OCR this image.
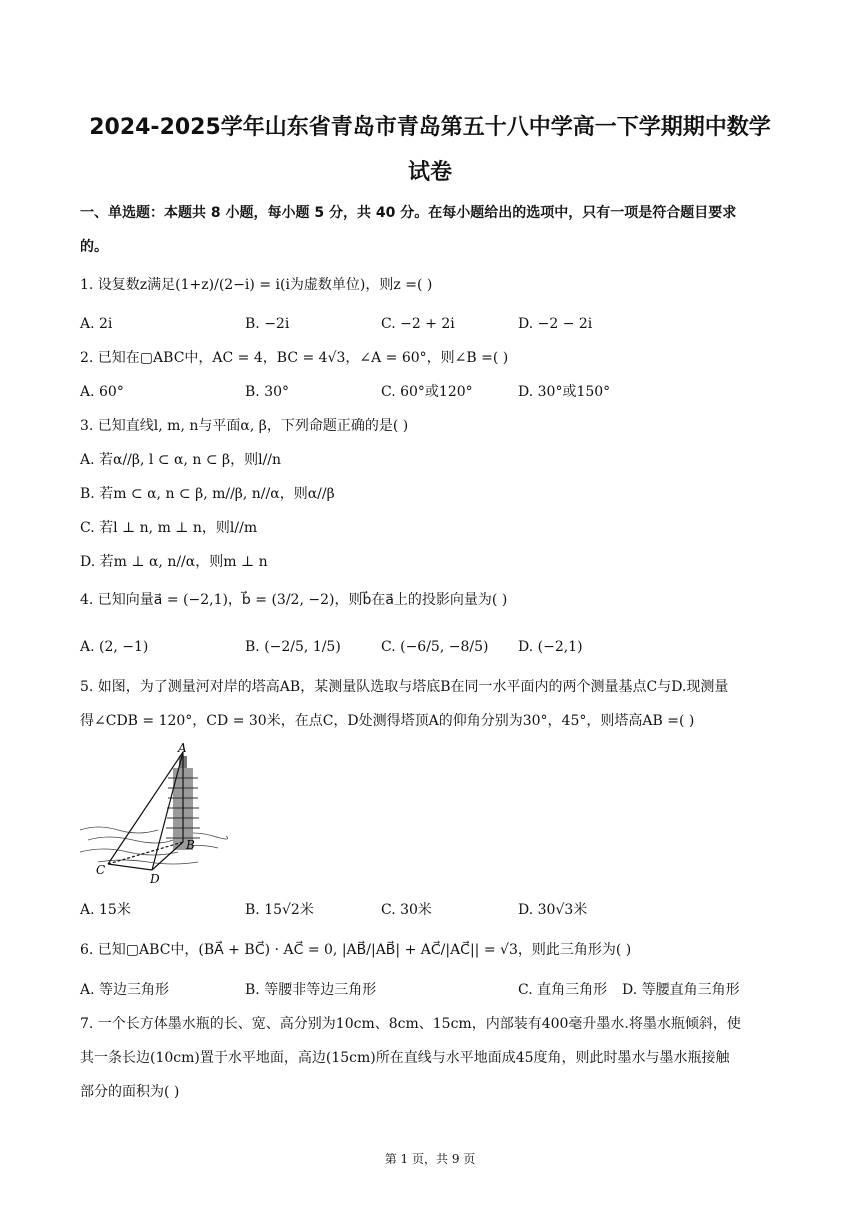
2024-2025学年山东省青岛市青岛第五十八中学高一下学期期中数学
试卷
一、单选题：本题共 8 小题，每小题 5 分，共 40 分。在每小题给出的选项中，只有一项是符合题目要求
的。
1. 设复数z满足(1+z)/(2−i) = i(i为虚数单位)，则z =( )
A. 2i	B. −2i	C. −2 + 2i	D. −2 − 2i
2. 已知在▢ABC中，AC = 4，BC = 4√3，∠A = 60°，则∠B =( )
A. 60°	B. 30°	C. 60°或120°	D. 30°或150°
3. 已知直线l, m, n与平面α, β，下列命题正确的是( )
A. 若α//β, l ⊂ α, n ⊂ β，则l//n
B. 若m ⊂ α, n ⊂ β, m//β, n//α，则α//β
C. 若l ⊥ n, m ⊥ n，则l//m
D. 若m ⊥ α, n//α，则m ⊥ n
4. 已知向量a⃗ = (−2,1)，b⃗ = (3/2, −2)，则b⃗在a⃗上的投影向量为( )
A. (2, −1)	B. (−2/5, 1/5)	C. (−6/5, −8/5) D. (−2,1)
5. 如图，为了测量河对岸的塔高AB，某测量队选取与塔底B在同一水平面内的两个测量基点C与D.现测量
得∠CDB = 120°，CD = 30米，在点C，D处测得塔顶A的仰角分别为30°，45°，则塔高AB =( )
A
B
C
D
A. 15米	B. 15√2米	C. 30米	D. 30√3米
6. 已知▢ABC中，(BA⃗ + BC⃗) · AC⃗ = 0, |AB⃗/|AB⃗| + AC⃗/|AC⃗|| = √3，则此三角形为( )
A. 等边三角形	B. 等腰非等边三角形	C. 直角三角形 D. 等腰直角三角形
7. 一个长方体墨水瓶的长、宽、高分别为10cm、8cm、15cm，内部装有400毫升墨水.将墨水瓶倾斜，使
其一条长边(10cm)置于水平地面，高边(15cm)所在直线与水平地面成45度角，则此时墨水与墨水瓶接触
部分的面积为( )
第 1 页，共 9 页
